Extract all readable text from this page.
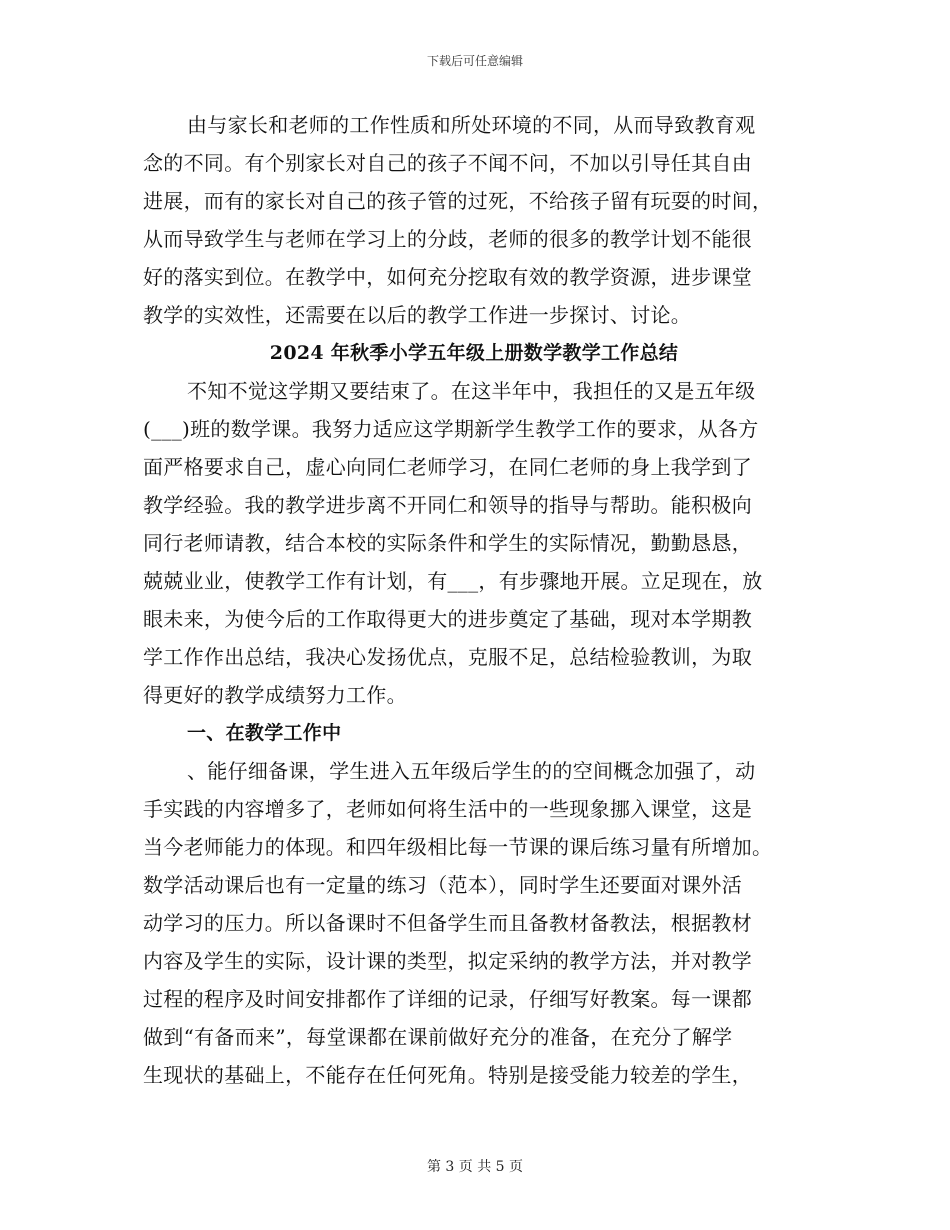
下载后可任意编辑
由与家长和老师的工作性质和所处环境的不同，从而导致教育观
念的不同。有个别家长对自己的孩子不闻不问，不加以引导任其自由
进展，而有的家长对自己的孩子管的过死，不给孩子留有玩耍的时间，
从而导致学生与老师在学习上的分歧，老师的很多的教学计划不能很
好的落实到位。在教学中，如何充分挖取有效的教学资源，进步课堂
教学的实效性，还需要在以后的教学工作进一步探讨、讨论。
2024 年秋季小学五年级上册数学教学工作总结
不知不觉这学期又要结束了。在这半年中，我担任的又是五年级
(___)班的数学课。我努力适应这学期新学生教学工作的要求，从各方
面严格要求自己，虚心向同仁老师学习，在同仁老师的身上我学到了
教学经验。我的教学进步离不开同仁和领导的指导与帮助。能积极向
同行老师请教，结合本校的实际条件和学生的实际情况，勤勤恳恳，
兢兢业业，使教学工作有计划，有___，有步骤地开展。立足现在，放
眼未来，为使今后的工作取得更大的进步奠定了基础，现对本学期教
学工作作出总结，我决心发扬优点，克服不足，总结检验教训，为取
得更好的教学成绩努力工作。
一、在教学工作中
、能仔细备课，学生进入五年级后学生的的空间概念加强了，动
手实践的内容增多了，老师如何将生活中的一些现象挪入课堂，这是
当今老师能力的体现。和四年级相比每一节课的课后练习量有所增加。
数学活动课后也有一定量的练习（范本），同时学生还要面对课外活
动学习的压力。所以备课时不但备学生而且备教材备教法，根据教材
内容及学生的实际，设计课的类型，拟定采纳的教学方法，并对教学
过程的程序及时间安排都作了详细的记录，仔细写好教案。每一课都
做到“有备而来”，每堂课都在课前做好充分的准备，在充分了解学
生现状的基础上，不能存在任何死角。特别是接受能力较差的学生，
第 3 页 共 5 页
